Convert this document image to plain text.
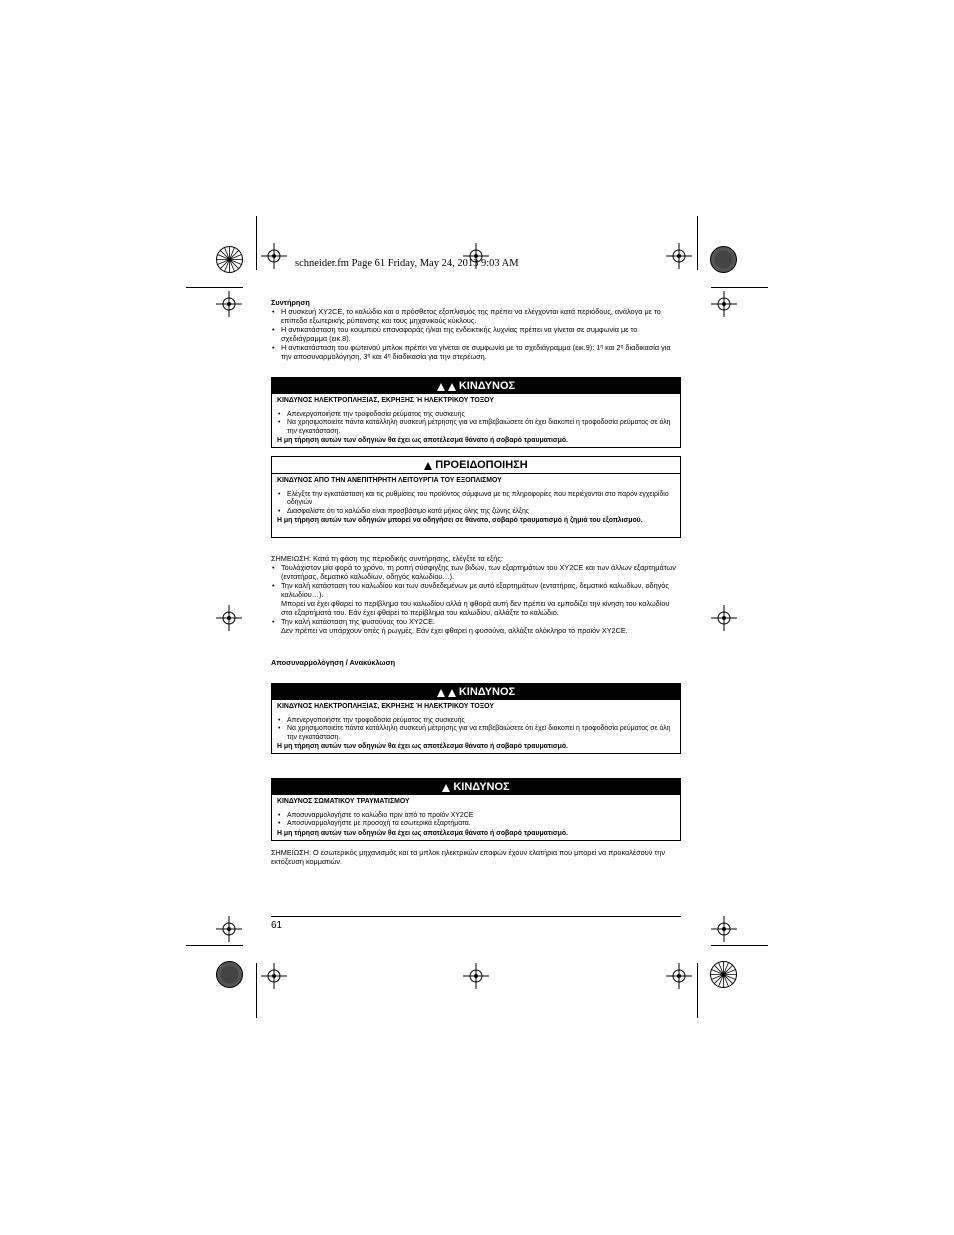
schneider.fm Page 61 Friday, May 24, 2013 9:03 AM
Συντήρηση
• Η συσκευή XY2CE, το καλώδιο και ο πρόσθετος εξοπλισμός της πρέπει να ελέγχονται κατά περιόδους, ανάλογα με το επίπεδο εξωτερικής ρύπανσης και τους μηχανικούς κύκλους.
• Η αντικατάσταση του κουμπιού επαναφοράς ή/και της ενδεικτικής λυχνίας πρέπει να γίνεται σε συμφωνία με το σχεδιάγραμμα (εικ.8).
• Η αντικατάσταση του φωτεινού μπλοκ πρέπει να γίνεται σε συμφωνία με το σχεδιάγραμμα (εικ.9): $1^\eta$ και $2^\eta$ διαδικασία για την αποσυναρμολόγηση, $3^\eta$ και $4^\eta$ διαδικασία για την στερέωση.
ΚΙΝΔΥΝΟΣ
ΚΙΝΔΥΝΟΣ ΗΛΕΚΤΡΟΠΛΗΞΙΑΣ, ΕΚΡΗΞΗΣ Ή ΗΛΕΚΤΡΙΚΟΥ ΤΟΞΟΥ
• Απενεργοποιήστε την τροφοδοσία ρεύματος της συσκευής
• Να χρησιμοποιείτε πάντα κατάλληλη συσκευή μέτρησης για να επιβεβαιώσετε ότι έχει διακοπεί η τροφοδοσία ρεύματος σε όλη την εγκατάσταση.
Η μη τήρηση αυτών των οδηγιών θα έχει ως αποτέλεσμα θάνατο ή σοβαρό τραυματισμό.
ΠΡΟΕΙΔΟΠΟΙΗΣΗ
ΚΙΝΔΥΝΟΣ ΑΠΟ ΤΗΝ ΑΝΕΠΙΤΗΡΗΤΗ ΛΕΙΤΟΥΡΓΙΑ ΤΟΥ ΕΞΟΠΛΙΣΜΟΥ
• Ελέγξτε την εγκατάσταση και τις ρυθμίσεις του προϊόντος σύμφωνα με τις πληροφορίες που περιέχονται στο παρόν εγχειρίδιο οδηγιών
• Διασφαλίστε ότι το καλώδιο είναι προσβάσιμο κατά μήκος όλης της ζώνης έλξης
Η μη τήρηση αυτών των οδηγιών μπορεί να οδηγήσει σε θάνατο, σοβαρό τραυματισμό ή ζημιά του εξοπλισμού.
ΣΗΜΕΙΩΣΗ: Κατά τη φάση της περιοδικής συντήρησης, ελέγξτε τα εξής:
• Τουλάχιστον μία φορά το χρόνο, τη ροπή σύσφιγξης των βιδών, των εξαρτημάτων του XY2CE και των άλλων εξαρτημάτων (εντατήρας, δεματικό καλωδίων, οδηγός καλωδίου…).
• Την καλή κατάσταση του καλωδίου και των συνδεδεμένων με αυτό εξαρτημάτων (εντατήρας, δεματικό καλωδίων, οδηγός καλωδίου…).
Μπορεί να έχει φθαρεί το περίβλημα του καλωδίου αλλά η φθορά αυτή δεν πρέπει να εμποδίζει την κίνηση του καλωδίου στα εξαρτήματά του. Εάν έχει φθαρεί το περίβλημα του καλωδίου, αλλάξτε το καλώδιο.
• Την καλή κατάσταση της φυσούνας του XY2CE.
Δεν πρέπει να υπάρχουν οπές ή ρωγμές. Εάν έχει φθαρεί η φυσούνα, αλλάξτε ολόκληρο το προϊόν XY2CE.
Αποσυναρμολόγηση / Ανακύκλωση
ΚΙΝΔΥΝΟΣ
ΚΙΝΔΥΝΟΣ ΗΛΕΚΤΡΟΠΛΗΞΙΑΣ, ΕΚΡΗΞΗΣ Ή ΗΛΕΚΤΡΙΚΟΥ ΤΟΞΟΥ
• Απενεργοποιήστε την τροφοδοσία ρεύματος της συσκευής
• Να χρησιμοποιείτε πάντα κατάλληλη συσκευή μέτρησης για να επιβεβαιώσετε ότι έχει διακοπεί η τροφοδοσία ρεύματος σε όλη την εγκατάσταση.
Η μη τήρηση αυτών των οδηγιών θα έχει ως αποτέλεσμα θάνατο ή σοβαρό τραυματισμό.
ΚΙΝΔΥΝΟΣ
ΚΙΝΔΥΝΟΣ ΣΩΜΑΤΙΚΟΥ ΤΡΑΥΜΑΤΙΣΜΟΥ
• Αποσυναρμολογήστε το καλώδιο πριν από το προϊόν XY2CE
• Αποσυναρμολογήστε με προσοχή τα εσωτερικά εξαρτήματα.
Η μη τήρηση αυτών των οδηγιών θα έχει ως αποτέλεσμα θάνατο ή σοβαρό τραυματισμό.
ΣΗΜΕΙΩΣΗ: Ο εσωτερικός μηχανισμός και τα μπλοκ ηλεκτρικών επαφών έχουν ελατήρια που μπορεί να προκαλέσουν την εκτόξευση κομματιών.
61
